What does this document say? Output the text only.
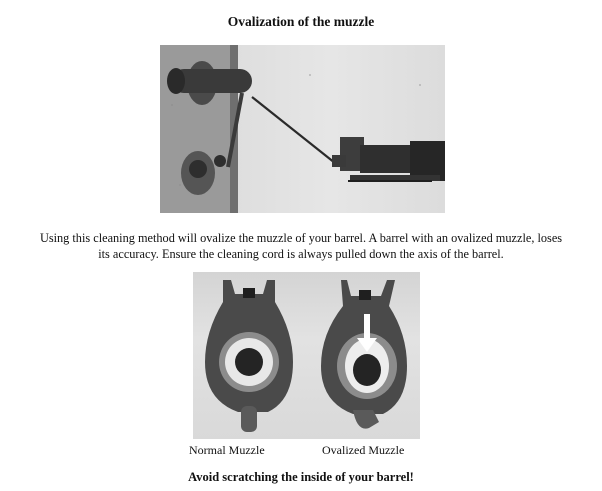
Ovalization of the muzzle
Using this cleaning method will ovalize the muzzle of your barrel. A barrel with an ovalized muzzle, loses
its accuracy. Ensure the cleaning cord is always pulled down the axis of the barrel.
Normal Muzzle	Ovalized Muzzle
Avoid scratching the inside of your barrel!
